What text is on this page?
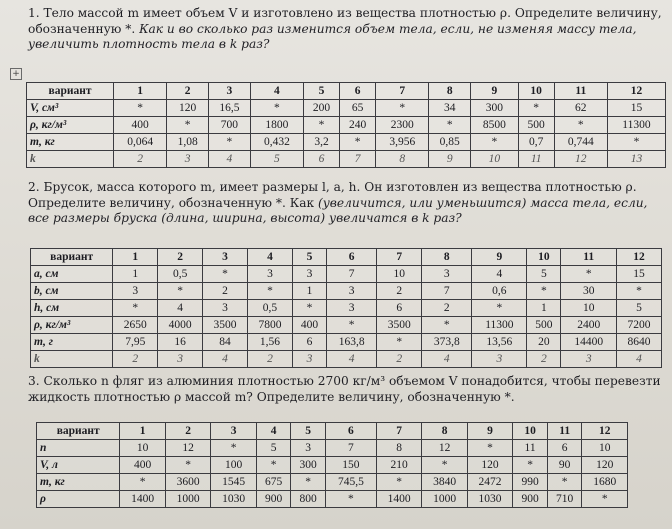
1. Тело массой m имеет объем V и изготовлено из вещества плотностью ρ. Определите величину, обозначенную *. Как и во сколько раз изменится объем тела, если, не изменяя массу тела, увеличить плотность тела в k раз?

+
вариант	1	2	3	4	5	6	7	8	9	10	11	12
V, см³	*	120	16,5	*	200	65	*	34	300	*	62	15
ρ, кг/м³	400	*	700	1800	*	240	2300	*	8500	500	*	11300
m, кг	0,064	1,08	*	0,432	3,2	*	3,956	0,85	*	0,7	0,744	*
k	2	3	4	5	6	7	8	9	10	11	12	13

2. Брусок, масса которого m, имеет размеры l, a, h. Он изготовлен из вещества плотностью ρ. Определите величину, обозначенную *. Как (увеличится, или уменьшится) масса тела, если, все размеры бруска (длина, ширина, высота) увеличатся в k раз?

вариант	1	2	3	4	5	6	7	8	9	10	11	12
a, см	1	0,5	*	3	3	7	10	3	4	5	*	15
b, см	3	*	2	*	1	3	2	7	0,6	*	30	*
h, см	*	4	3	0,5	*	3	6	2	*	1	10	5
ρ, кг/м³	2650	4000	3500	7800	400	*	3500	*	11300	500	2400	7200
m, г	7,95	16	84	1,56	6	163,8	*	373,8	13,56	20	14400	8640
k	2	3	4	2	3	4	2	4	3	2	3	4

3. Сколько n фляг из алюминия плотностью 2700 кг/м³ объемом V понадобится, чтобы перевезти жидкость плотностью ρ массой m? Определите величину, обозначенную *.

вариант	1	2	3	4	5	6	7	8	9	10	11	12
n	10	12	*	5	3	7	8	12	*	11	6	10
V, л	400	*	100	*	300	150	210	*	120	*	90	120
m, кг	*	3600	1545	675	*	745,5	*	3840	2472	990	*	1680
ρ	1400	1000	1030	900	800	*	1400	1000	1030	900	710	*
